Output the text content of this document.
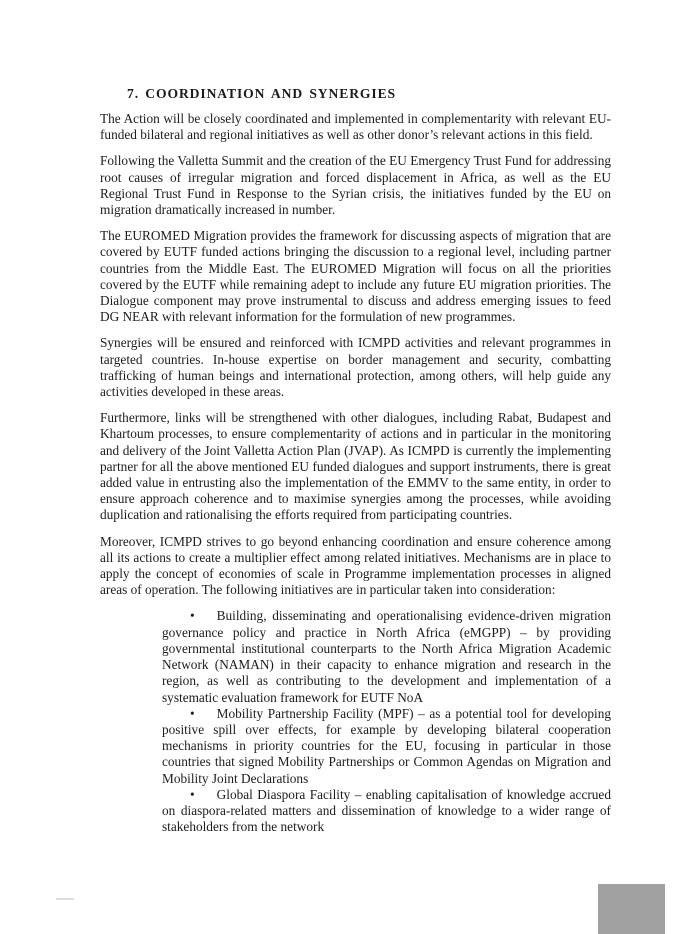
7. COORDINATION AND SYNERGIES

The Action will be closely coordinated and implemented in complementarity with relevant EU-funded bilateral and regional initiatives as well as other donor’s relevant actions in this field.

Following the Valletta Summit and the creation of the EU Emergency Trust Fund for addressing root causes of irregular migration and forced displacement in Africa, as well as the EU Regional Trust Fund in Response to the Syrian crisis, the initiatives funded by the EU on migration dramatically increased in number.

The EUROMED Migration provides the framework for discussing aspects of migration that are covered by EUTF funded actions bringing the discussion to a regional level, including partner countries from the Middle East. The EUROMED Migration will focus on all the priorities covered by the EUTF while remaining adept to include any future EU migration priorities. The Dialogue component may prove instrumental to discuss and address emerging issues to feed DG NEAR with relevant information for the formulation of new programmes.

Synergies will be ensured and reinforced with ICMPD activities and relevant programmes in targeted countries. In-house expertise on border management and security, combatting trafficking of human beings and international protection, among others, will help guide any activities developed in these areas.

Furthermore, links will be strengthened with other dialogues, including Rabat, Budapest and Khartoum processes, to ensure complementarity of actions and in particular in the monitoring and delivery of the Joint Valletta Action Plan (JVAP). As ICMPD is currently the implementing partner for all the above mentioned EU funded dialogues and support instruments, there is great added value in entrusting also the implementation of the EMMV to the same entity, in order to ensure approach coherence and to maximise synergies among the processes, while avoiding duplication and rationalising the efforts required from participating countries.

Moreover, ICMPD strives to go beyond enhancing coordination and ensure coherence among all its actions to create a multiplier effect among related initiatives. Mechanisms are in place to apply the concept of economies of scale in Programme implementation processes in aligned areas of operation. The following initiatives are in particular taken into consideration:

• Building, disseminating and operationalising evidence-driven migration governance policy and practice in North Africa (eMGPP) – by providing governmental institutional counterparts to the North Africa Migration Academic Network (NAMAN) in their capacity to enhance migration and research in the region, as well as contributing to the development and implementation of a systematic evaluation framework for EUTF NoA

• Mobility Partnership Facility (MPF) – as a potential tool for developing positive spill over effects, for example by developing bilateral cooperation mechanisms in priority countries for the EU, focusing in particular in those countries that signed Mobility Partnerships or Common Agendas on Migration and Mobility Joint Declarations

• Global Diaspora Facility – enabling capitalisation of knowledge accrued on diaspora-related matters and dissemination of knowledge to a wider range of stakeholders from the network
